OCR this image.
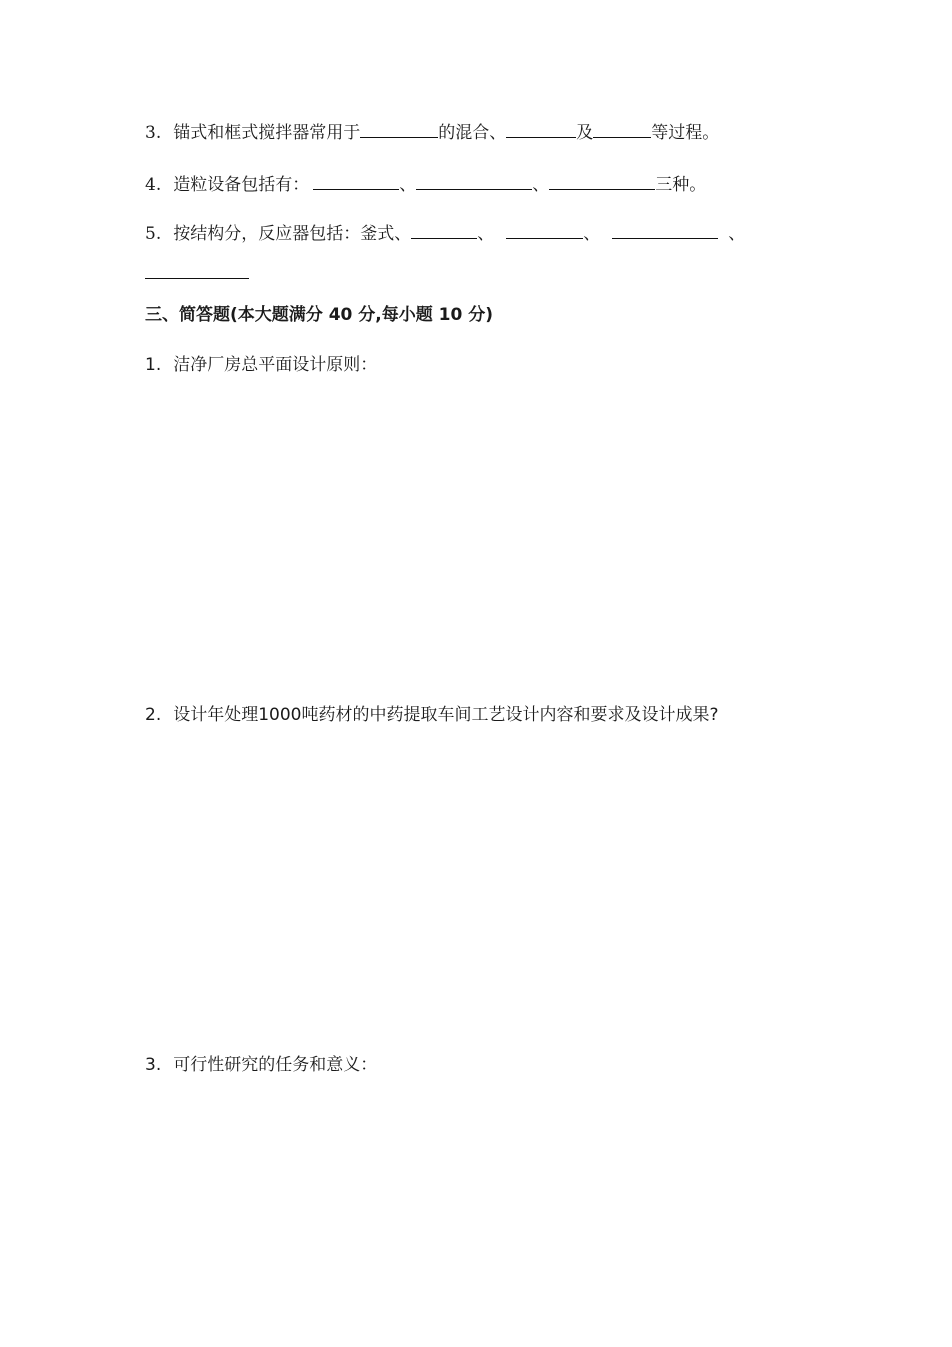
3. 锚式和框式搅拌器常用于	的混合、	及	等过程。
4. 造粒设备包括有：	、	、	三种。
5. 按结构分，反应器包括：釜式、	、	、	、
三、简答题(本大题满分 40 分,每小题 10 分)
1. 洁净厂房总平面设计原则：
2. 设计年处理1000吨药材的中药提取车间工艺设计内容和要求及设计成果?
3. 可行性研究的任务和意义：
